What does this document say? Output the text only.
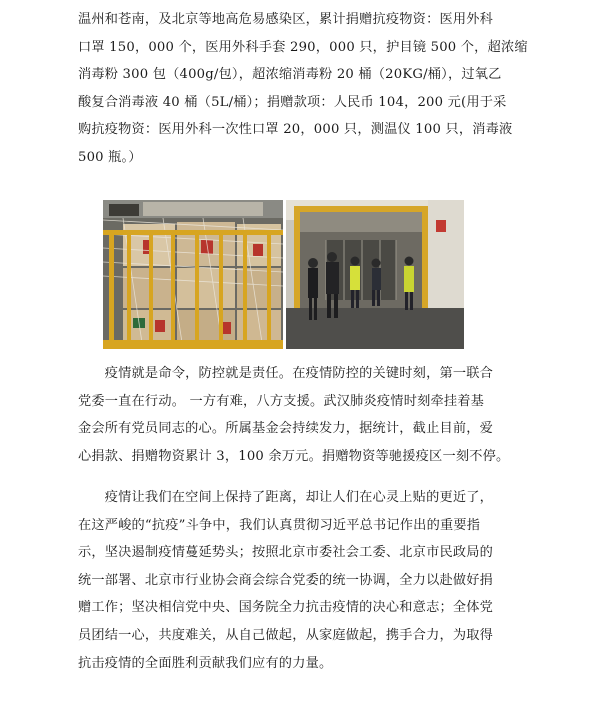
温州和苍南，及北京等地高危易感染区，累计捐赠抗疫物资：医用外科
口罩 150，000 个，医用外科手套 290，000 只，护目镜 500 个，超浓缩
消毒粉 300 包（400g/包），超浓缩消毒粉 20 桶（20KG/桶），过氧乙
酸复合消毒液 40 桶（5L/桶）；捐赠款项：人民币 104，200 元(用于采
购抗疫物资：医用外科一次性口罩 20，000 只，测温仪 100 只，消毒液
500 瓶。）
　　疫情就是命令，防控就是责任。在疫情防控的关键时刻，第一联合
党委一直在行动。 一方有难，八方支援。武汉肺炎疫情时刻牵挂着基
金会所有党员同志的心。所属基金会持续发力，据统计，截止目前，爱
心捐款、捐赠物资累计 3，100 余万元。捐赠物资等驰援疫区一刻不停。
　　疫情让我们在空间上保持了距离，却让人们在心灵上贴的更近了，
在这严峻的“抗疫”斗争中，我们认真贯彻习近平总书记作出的重要指
示，坚决遏制疫情蔓延势头；按照北京市委社会工委、北京市民政局的
统一部署、北京市行业协会商会综合党委的统一协调，全力以赴做好捐
赠工作；坚决相信党中央、国务院全力抗击疫情的决心和意志；全体党
员团结一心，共度难关，从自己做起，从家庭做起，携手合力，为取得
抗击疫情的全面胜利贡献我们应有的力量。
